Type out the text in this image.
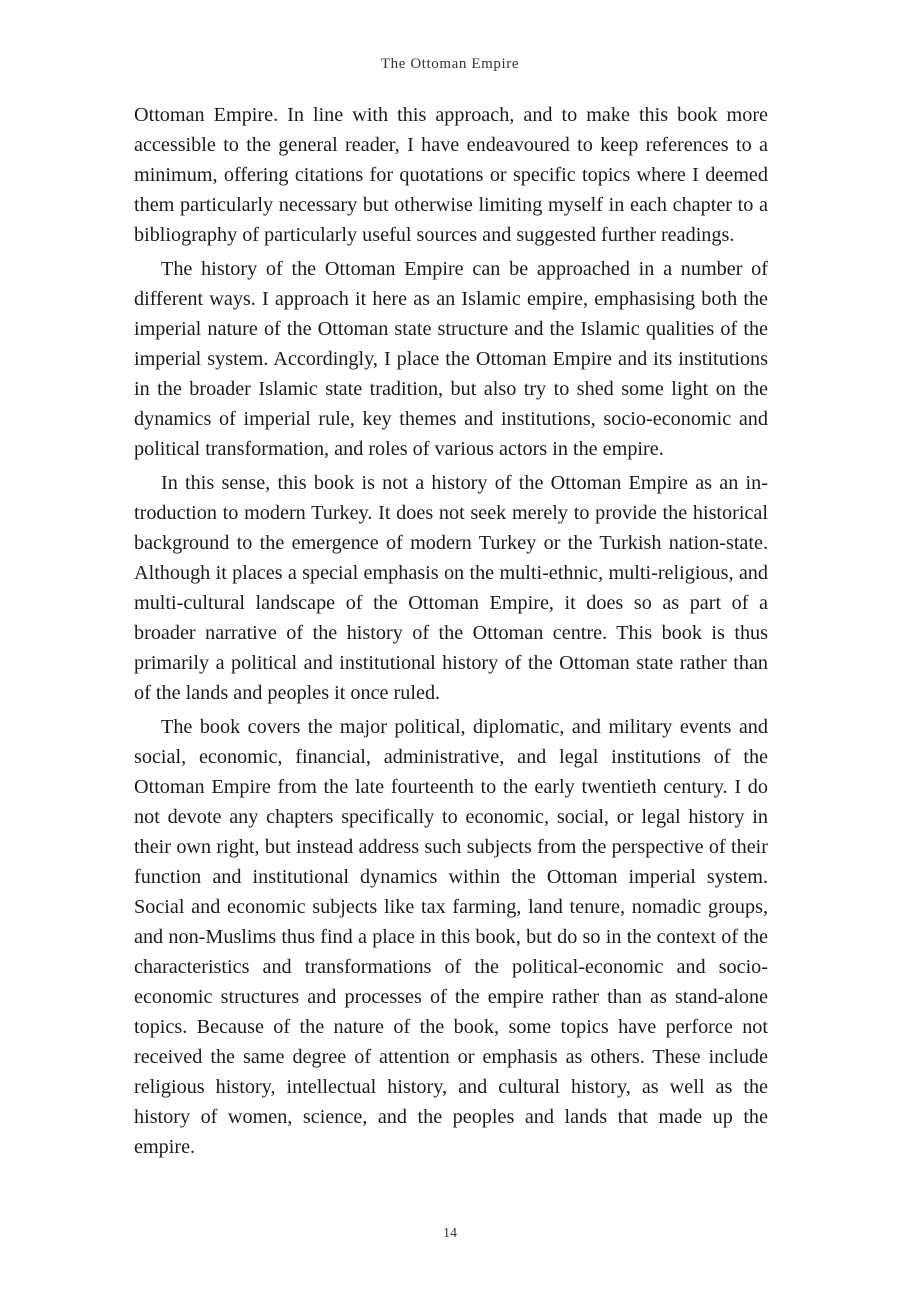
The Ottoman Empire

Ottoman Empire. In line with this approach, and to make this book more accessible to the general reader, I have endeavoured to keep references to a minimum, offering citations for quotations or specific topics where I deemed them particularly necessary but otherwise limiting myself in each chapter to a bibliography of particularly useful sources and suggested further readings.

The history of the Ottoman Empire can be approached in a number of different ways. I approach it here as an Islamic empire, emphasising both the imperial nature of the Ottoman state structure and the Islamic qualities of the imperial system. Accordingly, I place the Ottoman Empire and its institutions in the broader Islamic state tradition, but also try to shed some light on the dynamics of imperial rule, key themes and institutions, socio-economic and political transformation, and roles of various actors in the empire.

In this sense, this book is not a history of the Ottoman Empire as an introduction to modern Turkey. It does not seek merely to provide the historical background to the emergence of modern Turkey or the Turkish nation-state. Although it places a special emphasis on the multi-ethnic, multi-religious, and multi-cultural landscape of the Ottoman Empire, it does so as part of a broader narrative of the history of the Ottoman centre. This book is thus primarily a political and institutional history of the Ottoman state rather than of the lands and peoples it once ruled.

The book covers the major political, diplomatic, and military events and social, economic, financial, administrative, and legal institutions of the Ottoman Empire from the late fourteenth to the early twentieth century. I do not devote any chapters specifically to economic, social, or legal history in their own right, but instead address such subjects from the perspective of their function and institutional dynamics within the Ottoman imperial system. Social and economic subjects like tax farming, land tenure, nomadic groups, and non-Muslims thus find a place in this book, but do so in the context of the characteristics and transformations of the political-economic and socio-economic structures and processes of the empire rather than as stand-alone topics. Because of the nature of the book, some topics have perforce not received the same degree of attention or emphasis as others. These include religious history, intellectual history, and cultural history, as well as the history of women, science, and the peoples and lands that made up the empire.

14
